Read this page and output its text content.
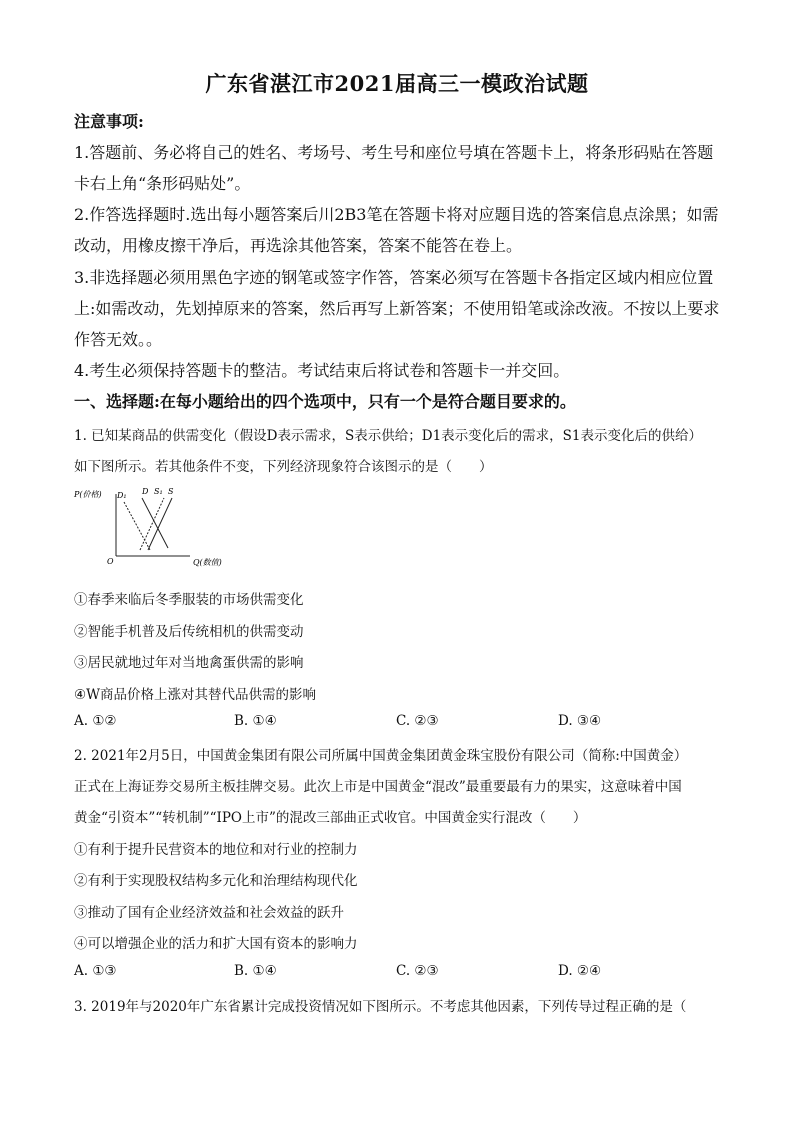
广东省湛江市2021届高三一模政治试题
注意事项:
1.答题前、务必将自己的姓名、考场号、考生号和座位号填在答题卡上，将条形码贴在答题
卡右上角“条形码贴处”。
2.作答选择题时.选出每小题答案后川2B3笔在答题卡将对应题目选的答案信息点涂黑；如需
改动，用橡皮擦干净后，再选涂其他答案，答案不能答在卷上。
3.非选择题必须用黑色字迹的钢笔或签字作答，答案必须写在答题卡各指定区域内相应位置
上:如需改动，先划掉原来的答案，然后再写上新答案；不使用铅笔或涂改液。不按以上要求
作答无效。。
4.考生必须保持答题卡的整洁。考试结束后将试卷和答题卡一并交回。
一、选择题:在每小题给出的四个选项中，只有一个是符合题目要求的。
1. 已知某商品的供需变化（假设D表示需求，S表示供给；D1表示变化后的需求，S1表示变化后的供给）
如下图所示。若其他条件不变，下列经济现象符合该图示的是（　　）
P(价格)
Q(数值)
O
D₁ D S₁ S
①春季来临后冬季服装的市场供需变化
②智能手机普及后传统相机的供需变动
③居民就地过年对当地禽蛋供需的影响
④W商品价格上涨对其替代品供需的影响
A. ①②	B. ①④	C. ②③	D. ③④
2. 2021年2月5日，中国黄金集团有限公司所属中国黄金集团黄金珠宝股份有限公司（简称:中国黄金）
正式在上海证券交易所主板挂牌交易。此次上市是中国黄金“混改”最重要最有力的果实，这意味着中国
黄金“引资本”“转机制”“IPO上市”的混改三部曲正式收官。中国黄金实行混改（　　）
①有利于提升民营资本的地位和对行业的控制力
②有利于实现股权结构多元化和治理结构现代化
③推动了国有企业经济效益和社会效益的跃升
④可以增强企业的活力和扩大国有资本的影响力
A. ①③	B. ①④	C. ②③	D. ②④
3. 2019年与2020年广东省累计完成投资情况如下图所示。不考虑其他因素，下列传导过程正确的是（
